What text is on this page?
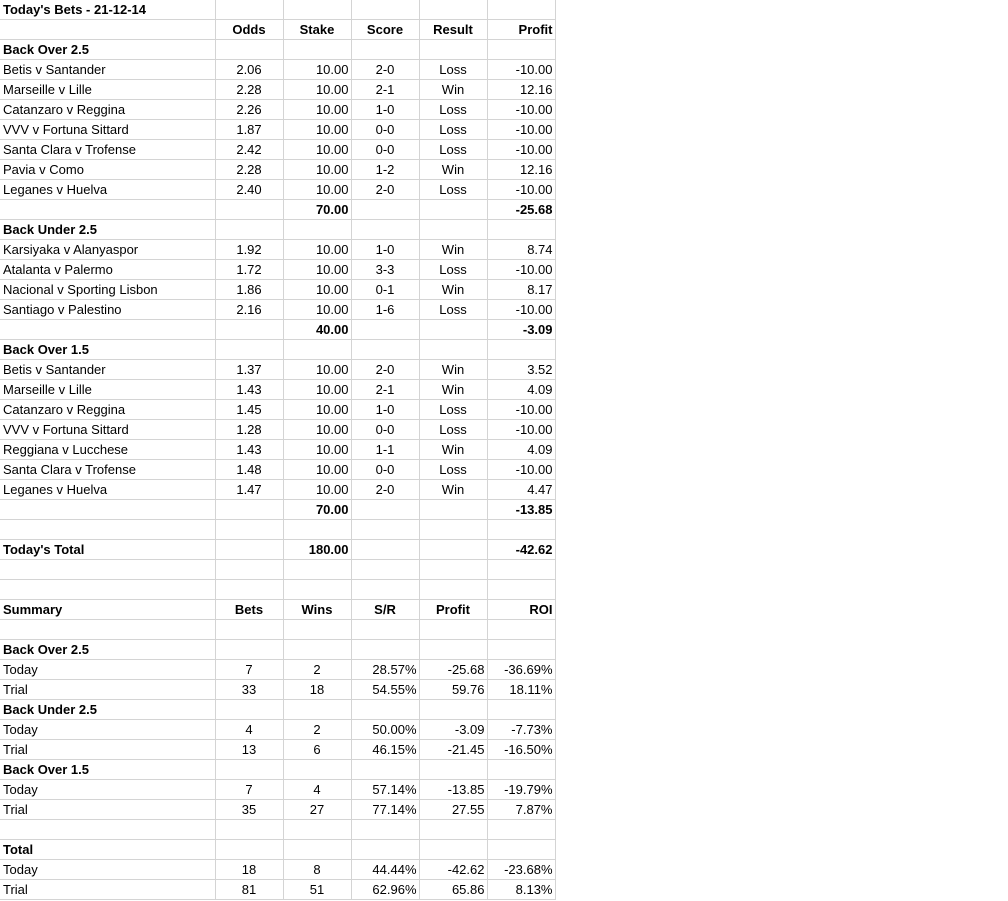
Today's Bets - 21-12-14					
	Odds	Stake	Score	Result	Profit
Back Over 2.5					
Betis v Santander	2.06	10.00	2-0	Loss	-10.00
Marseille v Lille	2.28	10.00	2-1	Win	12.16
Catanzaro v Reggina	2.26	10.00	1-0	Loss	-10.00
VVV v Fortuna Sittard	1.87	10.00	0-0	Loss	-10.00
Santa Clara v Trofense	2.42	10.00	0-0	Loss	-10.00
Pavia v Como	2.28	10.00	1-2	Win	12.16
Leganes v Huelva	2.40	10.00	2-0	Loss	-10.00
		70.00			-25.68
Back Under 2.5					
Karsiyaka v Alanyaspor	1.92	10.00	1-0	Win	8.74
Atalanta v Palermo	1.72	10.00	3-3	Loss	-10.00
Nacional v Sporting Lisbon	1.86	10.00	0-1	Win	8.17
Santiago v Palestino	2.16	10.00	1-6	Loss	-10.00
		40.00			-3.09
Back Over 1.5					
Betis v Santander	1.37	10.00	2-0	Win	3.52
Marseille v Lille	1.43	10.00	2-1	Win	4.09
Catanzaro v Reggina	1.45	10.00	1-0	Loss	-10.00
VVV v Fortuna Sittard	1.28	10.00	0-0	Loss	-10.00
Reggiana v Lucchese	1.43	10.00	1-1	Win	4.09
Santa Clara v Trofense	1.48	10.00	0-0	Loss	-10.00
Leganes v Huelva	1.47	10.00	2-0	Win	4.47
		70.00			-13.85

Today's Total		180.00			-42.62

Summary	Bets	Wins	S/R	Profit	ROI

Back Over 2.5					
Today	7	2	28.57%	-25.68	-36.69%
Trial	33	18	54.55%	59.76	18.11%
Back Under 2.5					
Today	4	2	50.00%	-3.09	-7.73%
Trial	13	6	46.15%	-21.45	-16.50%
Back Over 1.5					
Today	7	4	57.14%	-13.85	-19.79%
Trial	35	27	77.14%	27.55	7.87%

Total					
Today	18	8	44.44%	-42.62	-23.68%
Trial	81	51	62.96%	65.86	8.13%
